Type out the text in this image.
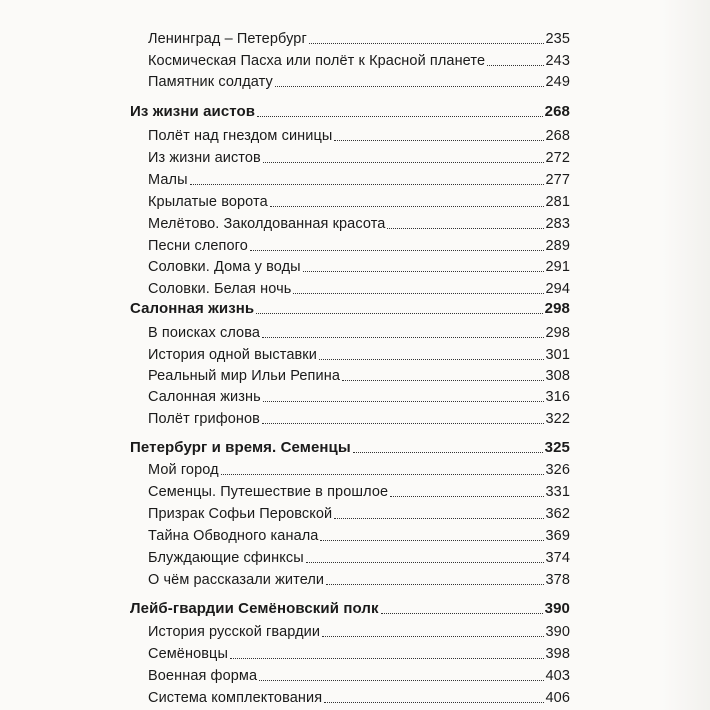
Ленинград – Петербург	235
Космическая Пасха или полёт к Красной планете	243
Памятник солдату	249
Из жизни аистов	268
Полёт над гнездом синицы	268
Из жизни аистов	272
Малы	277
Крылатые ворота	281
Мелётово. Заколдованная красота	283
Песни слепого	289
Соловки. Дома у воды	291
Соловки. Белая ночь	294
Салонная жизнь	298
В поисках слова	298
История одной выставки	301
Реальный мир Ильи Репина	308
Салонная жизнь	316
Полёт грифонов	322
Петербург и время. Семенцы	325
Мой город	326
Семенцы. Путешествие в прошлое	331
Призрак Софьи Перовской	362
Тайна Обводного канала	369
Блуждающие сфинксы	374
О чём рассказали жители	378
Лейб-гвардии Семёновский полк	390
История русской гвардии	390
Семёновцы	398
Военная форма	403
Система комплектования	406
